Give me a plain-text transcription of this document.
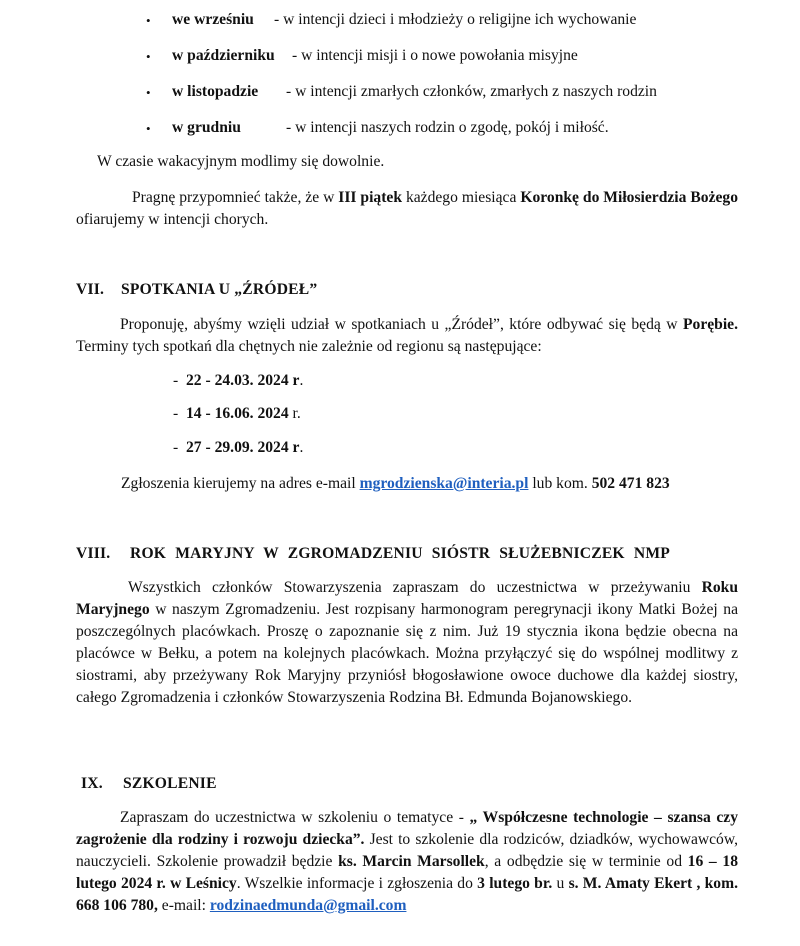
• we wrześniu - w intencji dzieci i młodzieży o religijne ich wychowanie
• w październiku - w intencji misji i o nowe powołania misyjne
• w listopadzie - w intencji zmarłych członków, zmarłych z naszych rodzin
• w grudniu	- w intencji naszych rodzin o zgodę, pokój i miłość.
W czasie wakacyjnym modlimy się dowolnie.
Pragnę przypomnieć także, że w III piątek każdego miesiąca Koronkę do Miłosierdzia Bożego ofiarujemy w intencji chorych.
VII. SPOTKANIA U „ŹRÓDEŁ”
Proponuję, abyśmy wzięli udział w spotkaniach u „Źródeł”, które odbywać się będą w Porębie. Terminy tych spotkań dla chętnych nie zależnie od regionu są następujące:
- 22 - 24.03. 2024 r.
- 14 - 16.06. 2024 r.
- 27 - 29.09. 2024 r.
Zgłoszenia kierujemy na adres e-mail mgrodzienska@interia.pl lub kom. 502 471 823
VIII. ROK MARYJNY W ZGROMADZENIU SIÓSTR SŁUŻEBNICZEK NMP
Wszystkich członków Stowarzyszenia zapraszam do uczestnictwa w przeżywaniu Roku Maryjnego w naszym Zgromadzeniu. Jest rozpisany harmonogram peregrynacji ikony Matki Bożej na poszczególnych placówkach. Proszę o zapoznanie się z nim. Już 19 stycznia ikona będzie obecna na placówce w Bełku, a potem na kolejnych placówkach. Można przyłączyć się do wspólnej modlitwy z siostrami, aby przeżywany Rok Maryjny przyniósł błogosławione owoce duchowe dla każdej siostry, całego Zgromadzenia i członków Stowarzyszenia Rodzina Bł. Edmunda Bojanowskiego.
IX. SZKOLENIE
Zapraszam do uczestnictwa w szkoleniu o tematyce - „ Współczesne technologie – szansa czy zagrożenie dla rodziny i rozwoju dziecka”. Jest to szkolenie dla rodziców, dziadków, wychowawców, nauczycieli. Szkolenie prowadził będzie ks. Marcin Marsollek, a odbędzie się w terminie od 16 – 18 lutego 2024 r. w Leśnicy. Wszelkie informacje i zgłoszenia do 3 lutego br. u s. M. Amaty Ekert , kom. 668 106 780, e-mail: rodzinaedmunda@gmail.com
